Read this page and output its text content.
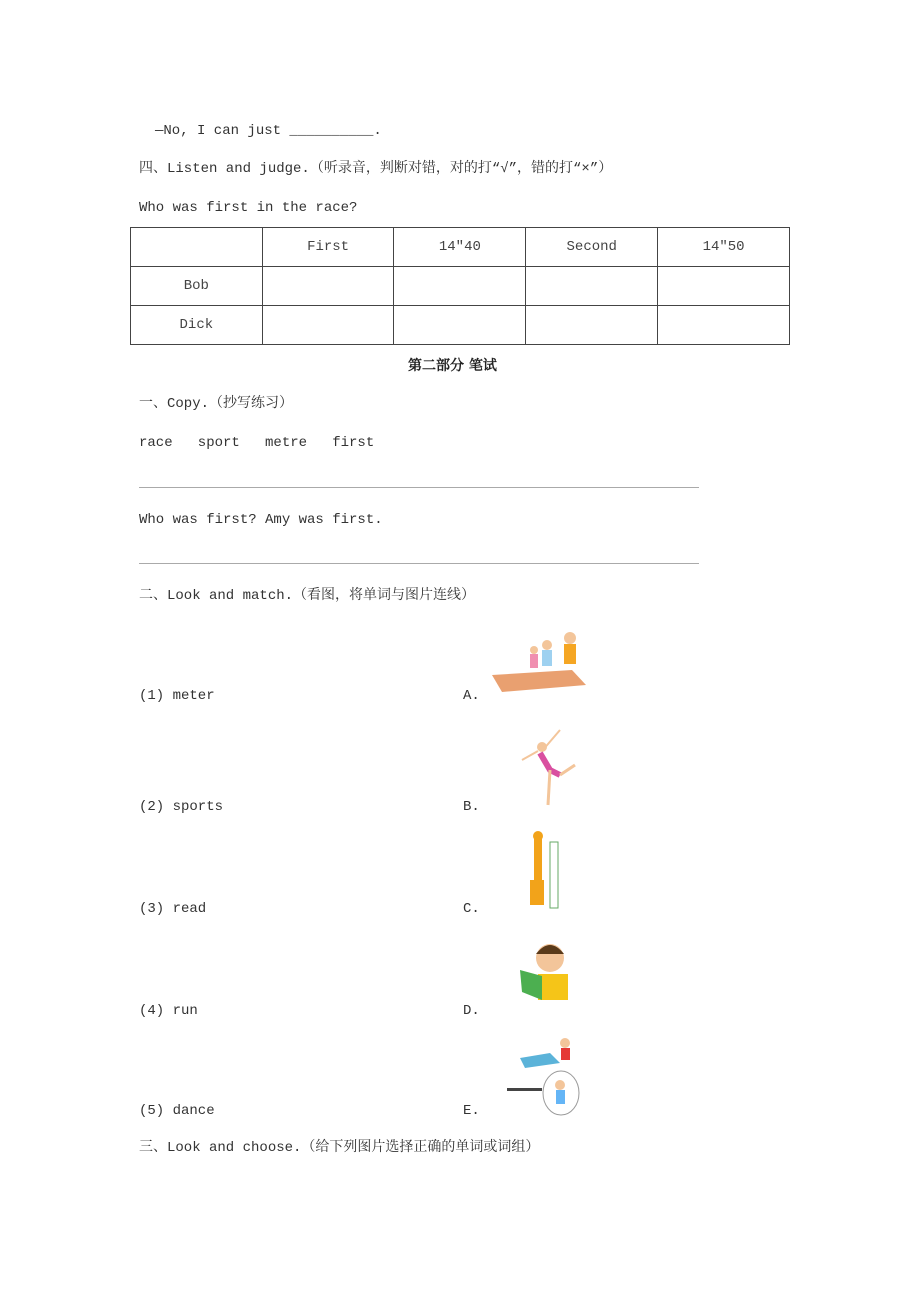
—No, I can just __________.
四、Listen and judge.（听录音，判断对错，对的打“√”，错的打“×”）
Who was first in the race?
	First	14″40	Second	14″50
Bob				
Dick				
第二部分 笔试
一、Copy.（抄写练习）
race   sport   metre   first
Who was first? Amy was first.
二、Look and match.（看图，将单词与图片连线）
(1) meter	A.
(2) sports	B.
(3) read	C.
(4) run	D.
(5) dance	E.
三、Look and choose.（给下列图片选择正确的单词或词组）
